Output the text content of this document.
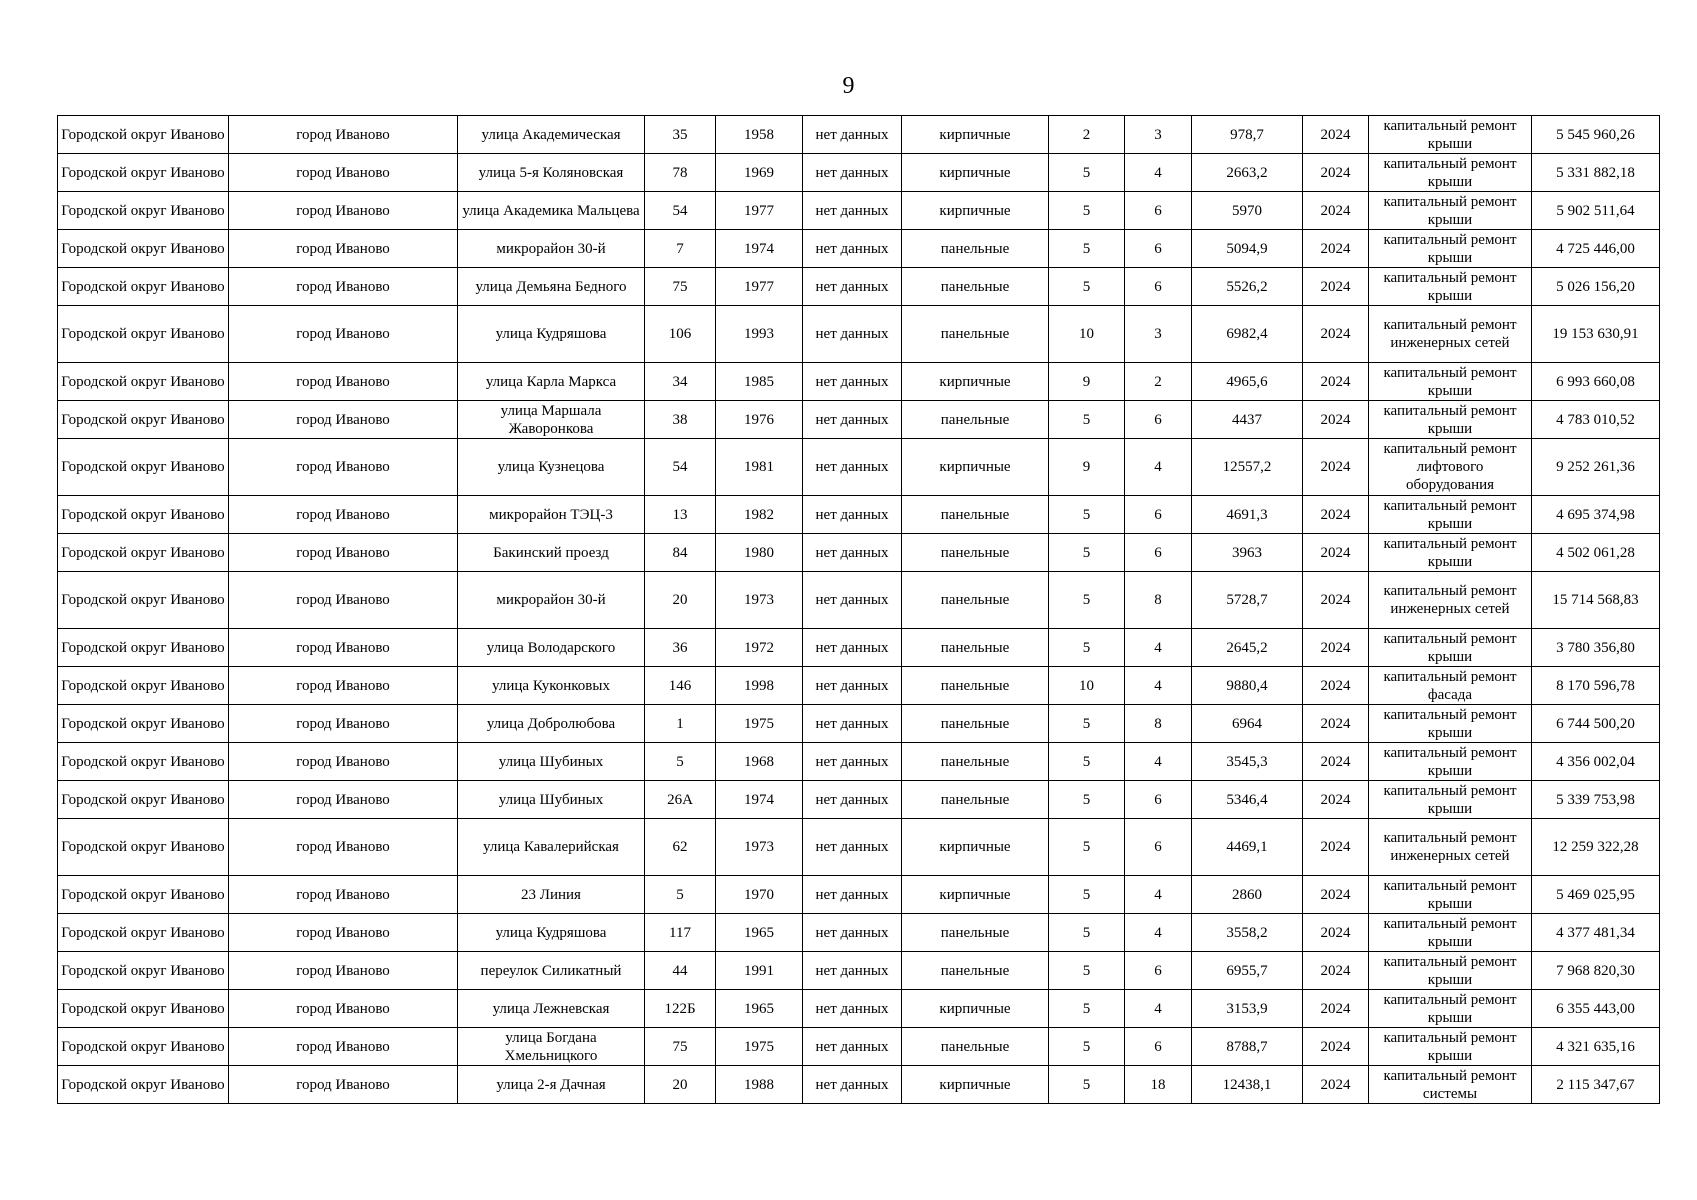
9
Городской округ Иваново	город Иваново	улица Академическая	35	1958	нет данных	кирпичные	2	3	978,7	2024	капитальный ремонт крыши	5 545 960,26
Городской округ Иваново	город Иваново	улица 5-я Коляновская	78	1969	нет данных	кирпичные	5	4	2663,2	2024	капитальный ремонт крыши	5 331 882,18
Городской округ Иваново	город Иваново	улица Академика Мальцева	54	1977	нет данных	кирпичные	5	6	5970	2024	капитальный ремонт крыши	5 902 511,64
Городской округ Иваново	город Иваново	микрорайон 30-й	7	1974	нет данных	панельные	5	6	5094,9	2024	капитальный ремонт крыши	4 725 446,00
Городской округ Иваново	город Иваново	улица Демьяна Бедного	75	1977	нет данных	панельные	5	6	5526,2	2024	капитальный ремонт крыши	5 026 156,20
Городской округ Иваново	город Иваново	улица Кудряшова	106	1993	нет данных	панельные	10	3	6982,4	2024	капитальный ремонт инженерных сетей	19 153 630,91
Городской округ Иваново	город Иваново	улица Карла Маркса	34	1985	нет данных	кирпичные	9	2	4965,6	2024	капитальный ремонт крыши	6 993 660,08
Городской округ Иваново	город Иваново	улица Маршала Жаворонкова	38	1976	нет данных	панельные	5	6	4437	2024	капитальный ремонт крыши	4 783 010,52
Городской округ Иваново	город Иваново	улица Кузнецова	54	1981	нет данных	кирпичные	9	4	12557,2	2024	капитальный ремонт лифтового оборудования	9 252 261,36
Городской округ Иваново	город Иваново	микрорайон ТЭЦ-3	13	1982	нет данных	панельные	5	6	4691,3	2024	капитальный ремонт крыши	4 695 374,98
Городской округ Иваново	город Иваново	Бакинский проезд	84	1980	нет данных	панельные	5	6	3963	2024	капитальный ремонт крыши	4 502 061,28
Городской округ Иваново	город Иваново	микрорайон 30-й	20	1973	нет данных	панельные	5	8	5728,7	2024	капитальный ремонт инженерных сетей	15 714 568,83
Городской округ Иваново	город Иваново	улица Володарского	36	1972	нет данных	панельные	5	4	2645,2	2024	капитальный ремонт крыши	3 780 356,80
Городской округ Иваново	город Иваново	улица Куконковых	146	1998	нет данных	панельные	10	4	9880,4	2024	капитальный ремонт фасада	8 170 596,78
Городской округ Иваново	город Иваново	улица Добролюбова	1	1975	нет данных	панельные	5	8	6964	2024	капитальный ремонт крыши	6 744 500,20
Городской округ Иваново	город Иваново	улица Шубиных	5	1968	нет данных	панельные	5	4	3545,3	2024	капитальный ремонт крыши	4 356 002,04
Городской округ Иваново	город Иваново	улица Шубиных	26А	1974	нет данных	панельные	5	6	5346,4	2024	капитальный ремонт крыши	5 339 753,98
Городской округ Иваново	город Иваново	улица Кавалерийская	62	1973	нет данных	кирпичные	5	6	4469,1	2024	капитальный ремонт инженерных сетей	12 259 322,28
Городской округ Иваново	город Иваново	23 Линия	5	1970	нет данных	кирпичные	5	4	2860	2024	капитальный ремонт крыши	5 469 025,95
Городской округ Иваново	город Иваново	улица Кудряшова	117	1965	нет данных	панельные	5	4	3558,2	2024	капитальный ремонт крыши	4 377 481,34
Городской округ Иваново	город Иваново	переулок Силикатный	44	1991	нет данных	панельные	5	6	6955,7	2024	капитальный ремонт крыши	7 968 820,30
Городской округ Иваново	город Иваново	улица Лежневская	122Б	1965	нет данных	кирпичные	5	4	3153,9	2024	капитальный ремонт крыши	6 355 443,00
Городской округ Иваново	город Иваново	улица Богдана Хмельницкого	75	1975	нет данных	панельные	5	6	8788,7	2024	капитальный ремонт крыши	4 321 635,16
Городской округ Иваново	город Иваново	улица 2-я Дачная	20	1988	нет данных	кирпичные	5	18	12438,1	2024	капитальный ремонт системы	2 115 347,67
